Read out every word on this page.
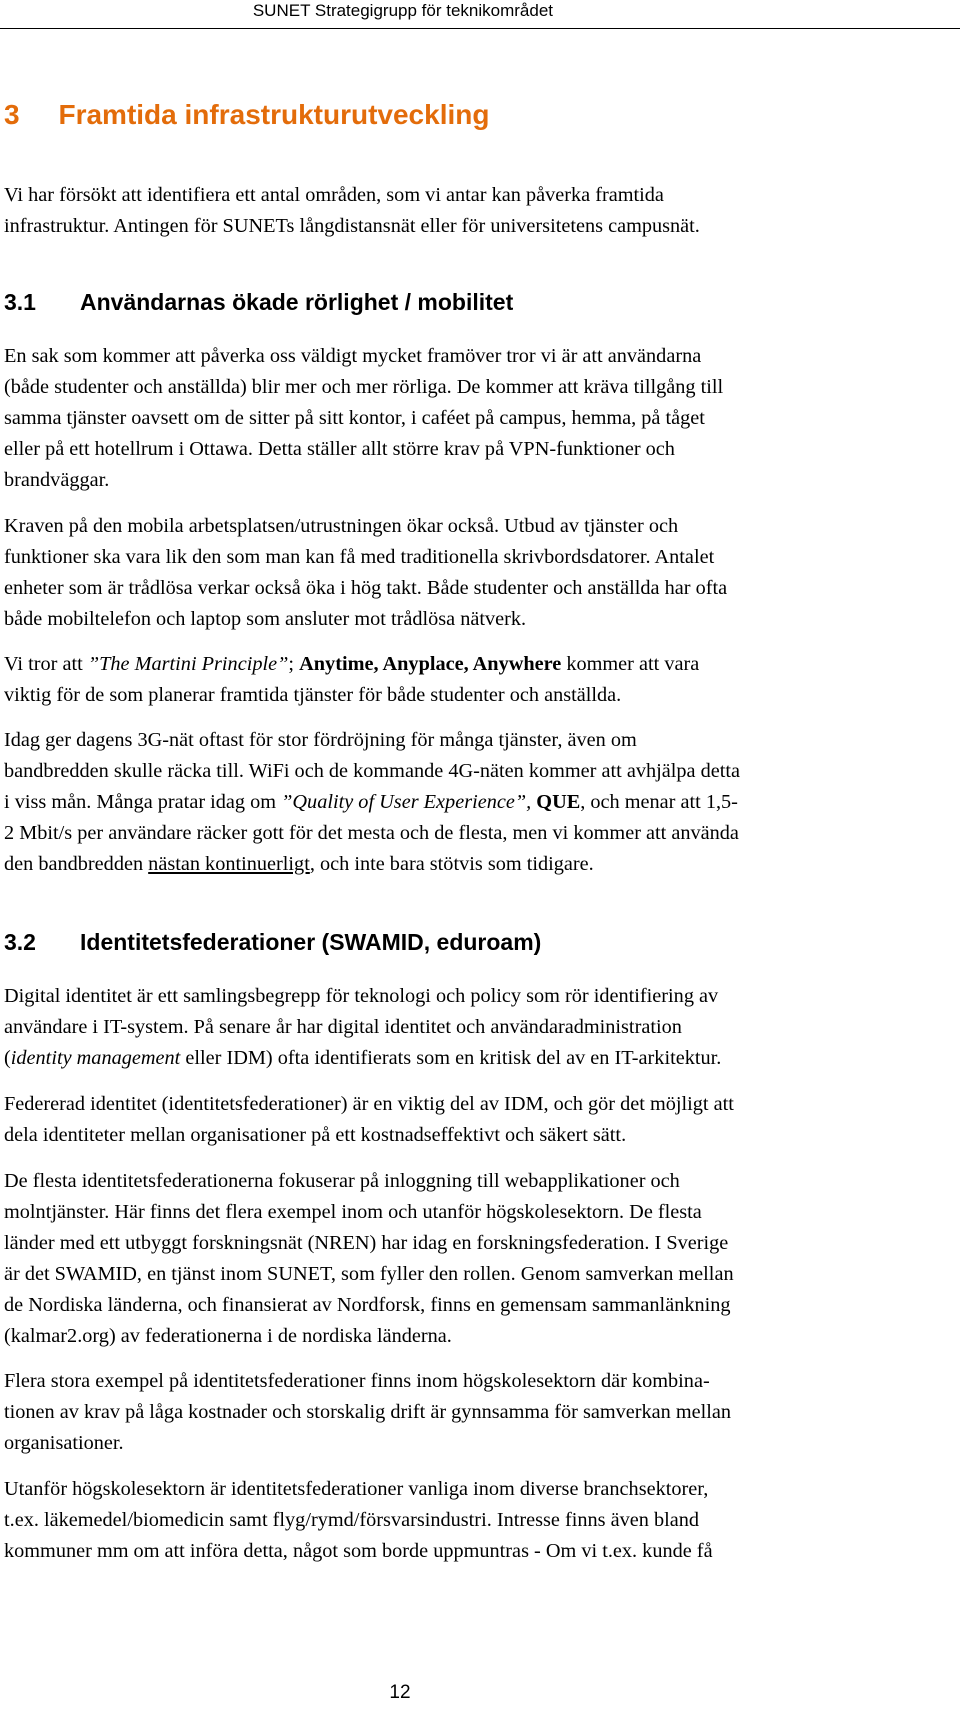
SUNET Strategigrupp för teknikområdet
3 Framtida infrastrukturutveckling

Vi har försökt att identifiera ett antal områden, som vi antar kan påverka framtida
infrastruktur. Antingen för SUNETs långdistansnät eller för universitetens campusnät.

3.1 Användarnas ökade rörlighet / mobilitet

En sak som kommer att påverka oss väldigt mycket framöver tror vi är att användarna
(både studenter och anställda) blir mer och mer rörliga. De kommer att kräva tillgång till
samma tjänster oavsett om de sitter på sitt kontor, i caféet på campus, hemma, på tåget
eller på ett hotellrum i Ottawa. Detta ställer allt större krav på VPN-funktioner och
brandväggar.

Kraven på den mobila arbetsplatsen/utrustningen ökar också. Utbud av tjänster och
funktioner ska vara lik den som man kan få med traditionella skrivbordsdatorer. Antalet
enheter som är trådlösa verkar också öka i hög takt. Både studenter och anställda har ofta
både mobiltelefon och laptop som ansluter mot trådlösa nätverk.

Vi tror att ”The Martini Principle”; Anytime, Anyplace, Anywhere kommer att vara
viktig för de som planerar framtida tjänster för både studenter och anställda.

Idag ger dagens 3G-nät oftast för stor fördröjning för många tjänster, även om
bandbredden skulle räcka till. WiFi och de kommande 4G-näten kommer att avhjälpa detta
i viss mån. Många pratar idag om ”Quality of User Experience”, QUE, och menar att 1,5-
2 Mbit/s per användare räcker gott för det mesta och de flesta, men vi kommer att använda
den bandbredden nästan kontinuerligt, och inte bara stötvis som tidigare.

3.2 Identitetsfederationer (SWAMID, eduroam)

Digital identitet är ett samlingsbegrepp för teknologi och policy som rör identifiering av
användare i IT-system. På senare år har digital identitet och användaradministration
(identity management eller IDM) ofta identifierats som en kritisk del av en IT-arkitektur.

Federerad identitet (identitetsfederationer) är en viktig del av IDM, och gör det möjligt att
dela identiteter mellan organisationer på ett kostnadseffektivt och säkert sätt.

De flesta identitetsfederationerna fokuserar på inloggning till webapplikationer och
molntjänster. Här finns det flera exempel inom och utanför högskolesektorn. De flesta
länder med ett utbyggt forskningsnät (NREN) har idag en forskningsfederation. I Sverige
är det SWAMID, en tjänst inom SUNET, som fyller den rollen. Genom samverkan mellan
de Nordiska länderna, och finansierat av Nordforsk, finns en gemensam sammanlänkning
(kalmar2.org) av federationerna i de nordiska länderna.

Flera stora exempel på identitetsfederationer finns inom högskolesektorn där kombina-
tionen av krav på låga kostnader och storskalig drift är gynnsamma för samverkan mellan
organisationer.

Utanför högskolesektorn är identitetsfederationer vanliga inom diverse branchsektorer,
t.ex. läkemedel/biomedicin samt flyg/rymd/försvarsindustri. Intresse finns även bland
kommuner mm om att införa detta, något som borde uppmuntras - Om vi t.ex. kunde få

12
